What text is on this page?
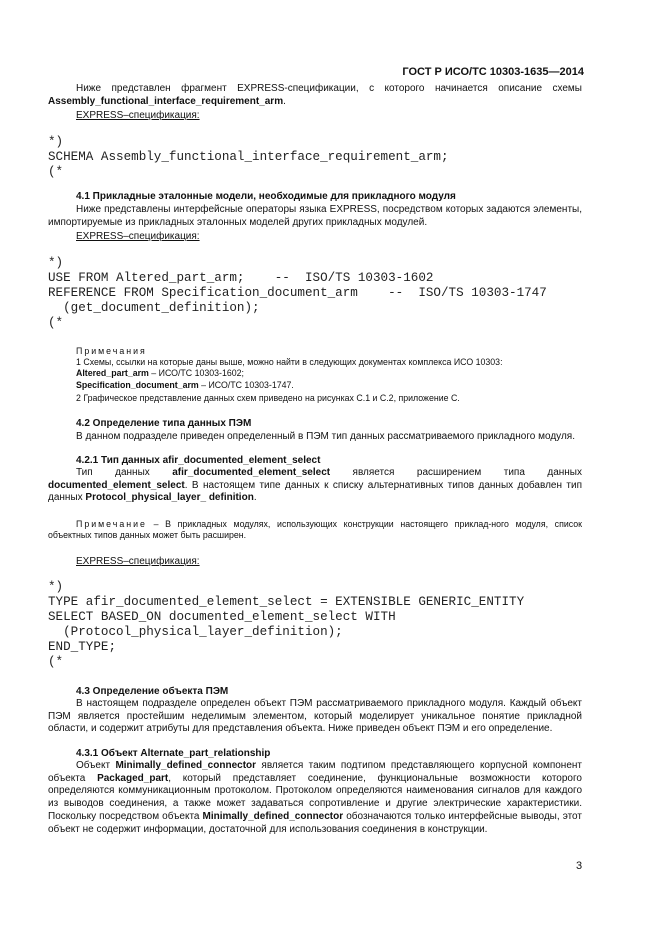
ГОСТ Р ИСО/ТС 10303-1635—2014
Ниже представлен фрагмент EXPRESS-спецификации, с которого начинается описание схемы Assembly_functional_interface_requirement_arm.
EXPRESS–спецификация:
*)
SCHEMA Assembly_functional_interface_requirement_arm;
(*
4.1 Прикладные эталонные модели, необходимые для прикладного модуля
Ниже представлены интерфейсные операторы языка EXPRESS, посредством которых задаются элементы, импортируемые из прикладных эталонных моделей других прикладных модулей.
EXPRESS–спецификация:
*)
USE FROM Altered_part_arm;    --  ISO/TS 10303-1602
REFERENCE FROM Specification_document_arm    --  ISO/TS 10303-1747
(get_document_definition);
(*
Примечания
1 Схемы, ссылки на которые даны выше, можно найти в следующих документах комплекса ИСО 10303:
Altered_part_arm – ИСО/ТС 10303-1602;
Specification_document_arm – ИСО/ТС 10303-1747.
2 Графическое представление данных схем приведено на рисунках C.1 и C.2, приложение C.
4.2 Определение типа данных ПЭМ
В данном подразделе приведен определенный в ПЭМ тип данных рассматриваемого прикладного модуля.
4.2.1 Тип данных afir_documented_element_select
Тип данных afir_documented_element_select является расширением типа данных documented_element_select. В настоящем типе данных к списку альтернативных типов данных добавлен тип данных Protocol_physical_layer_ definition.
Примечание – В прикладных модулях, использующих конструкции настоящего приклад-ного модуля, список объектных типов данных может быть расширен.
EXPRESS–спецификация:
*)
TYPE afir_documented_element_select = EXTENSIBLE GENERIC_ENTITY
SELECT BASED_ON documented_element_select WITH
(Protocol_physical_layer_definition);
END_TYPE;
(*
4.3 Определение объекта ПЭМ
В настоящем подразделе определен объект ПЭМ рассматриваемого прикладного модуля. Каждый объект ПЭМ является простейшим неделимым элементом, который моделирует уникальное понятие прикладной области, и содержит атрибуты для представления объекта. Ниже приведен объект ПЭМ и его определение.
4.3.1 Объект Alternate_part_relationship
Объект Minimally_defined_connector является таким подтипом представляющего корпусной компонент объекта Packaged_part, который представляет соединение, функциональные возможности которого определяются коммуникационным протоколом. Протоколом определяются наименования сигналов для каждого из выводов соединения, а также может задаваться сопротивление и другие электрические характеристики. Поскольку посредством объекта Minimally_defined_connector обозначаются только интерфейсные выводы, этот объект не содержит информации, достаточной для использования соединения в конструкции.
3
